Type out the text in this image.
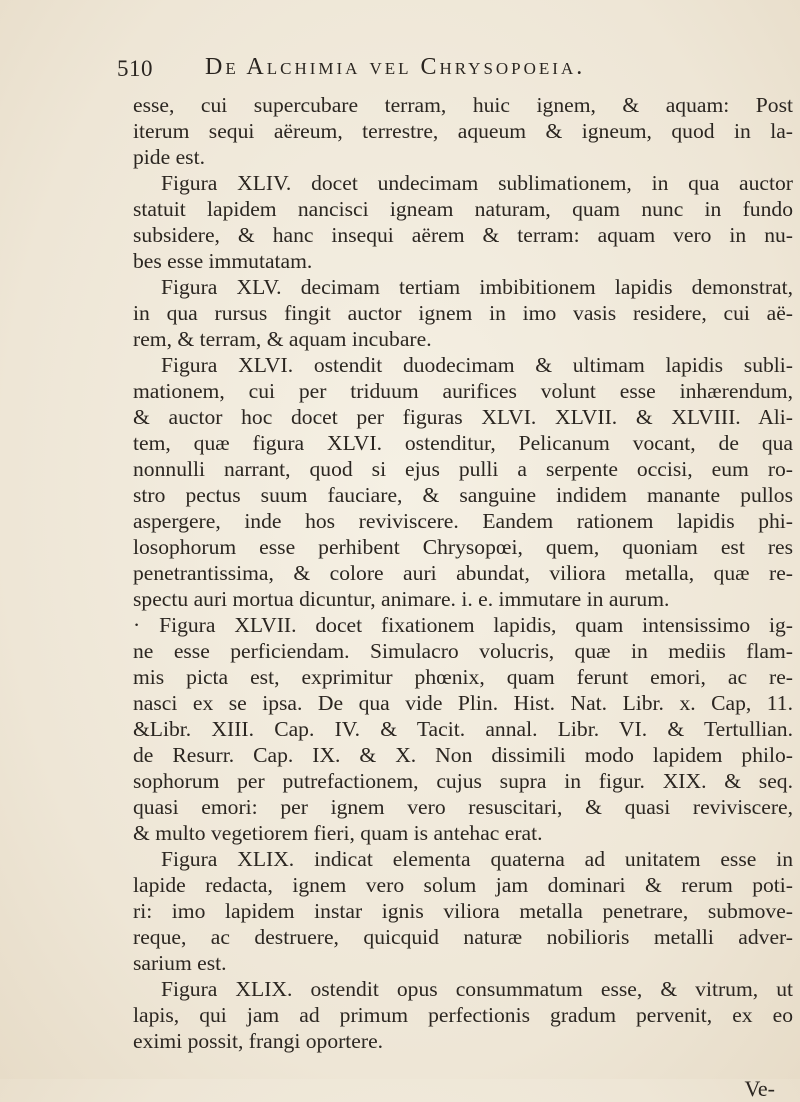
510 De Alchimia vel Chrysopoeia.
esse, cui supercubare terram, huic ignem, & aquam: Post
iterum sequi aëreum, terrestre, aqueum & igneum, quod in la-
pide est.
Figura XLIV. docet undecimam sublimationem, in qua auctor
statuit lapidem nancisci igneam naturam, quam nunc in fundo
subsidere, & hanc insequi aërem & terram: aquam vero in nu-
bes esse immutatam.
Figura XLV. decimam tertiam imbibitionem lapidis demonstrat,
in qua rursus fingit auctor ignem in imo vasis residere, cui aë-
rem, & terram, & aquam incubare.
Figura XLVI. ostendit duodecimam & ultimam lapidis subli-
mationem, cui per triduum aurifices volunt esse inhærendum,
& auctor hoc docet per figuras XLVI. XLVII. & XLVIII. Ali-
tem, quæ figura XLVI. ostenditur, Pelicanum vocant, de qua
nonnulli narrant, quod si ejus pulli a serpente occisi, eum ro-
stro pectus suum fauciare, & sanguine indidem manante pullos
aspergere, inde hos reviviscere. Eandem rationem lapidis phi-
losophorum esse perhibent Chrysopœi, quem, quoniam est res
penetrantissima, & colore auri abundat, viliora metalla, quæ re-
spectu auri mortua dicuntur, animare. i. e. immutare in aurum.
· Figura XLVII. docet fixationem lapidis, quam intensissimo ig-
ne esse perficiendam. Simulacro volucris, quæ in mediis flam-
mis picta est, exprimitur phœnix, quam ferunt emori, ac re-
nasci ex se ipsa. De qua vide Plin. Hist. Nat. Libr. x. Cap, 11.
&Libr. XIII. Cap. IV. & Tacit. annal. Libr. VI. & Tertullian.
de Resurr. Cap. IX. & X. Non dissimili modo lapidem philo-
sophorum per putrefactionem, cujus supra in figur. XIX. & seq.
quasi emori: per ignem vero resuscitari, & quasi reviviscere,
& multo vegetiorem fieri, quam is antehac erat.
Figura XLIX. indicat elementa quaterna ad unitatem esse in
lapide redacta, ignem vero solum jam dominari & rerum poti-
ri: imo lapidem instar ignis viliora metalla penetrare, submove-
reque, ac destruere, quicquid naturæ nobilioris metalli adver-
sarium est.
Figura XLIX. ostendit opus consummatum esse, & vitrum, ut
lapis, qui jam ad primum perfectionis gradum pervenit, ex eo
eximi possit, frangi oportere.
Ve-
